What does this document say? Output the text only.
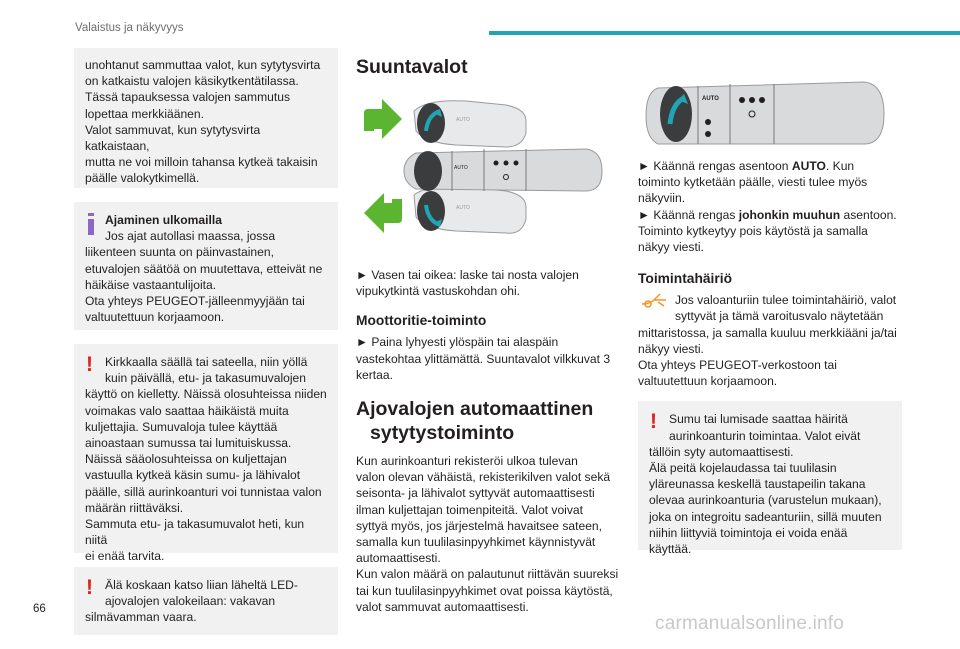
Valaistus ja näkyvyys

unohtanut sammuttaa valot, kun sytytysvirta

on katkaistu valojen käsikytkentätilassa.

Tässä tapauksessa valojen sammutus

lopettaa merkkiäänen.

Valot sammuvat, kun sytytysvirta katkaistaan,

mutta ne voi milloin tahansa kytkeä takaisin

päälle valokytkimellä.

Ajaminen ulkomailla

Jos ajat autollasi maassa, jossa

liikenteen suunta on päinvastainen,

etuvalojen säätöä on muutettava, etteivät ne

häikäise vastaantulijoita.

Ota yhteys PEUGEOT-jälleenmyyjään tai

valtuutettuun korjaamoon.

! Kirkkaalla säällä tai sateella, niin yöllä

kuin päivällä, etu- ja takasumuvalojen

käyttö on kielletty. Näissä olosuhteissa niiden

voimakas valo saattaa häikäistä muita

kuljettajia. Sumuvaloja tulee käyttää

ainoastaan sumussa tai lumituiskussa.

Näissä sääolosuhteissa on kuljettajan

vastuulla kytkeä käsin sumu- ja lähivalot

päälle, sillä aurinkoanturi voi tunnistaa valon

määrän riittäväksi.

Sammuta etu- ja takasumuvalot heti, kun niitä

ei enää tarvita.

! Älä koskaan katso liian läheltä LED-

ajovalojen valokeilaan: vakavan

silmävamman vaara.

Suuntavalot
AUTO
AUTO
AUTO

► Vasen tai oikea: laske tai nosta valojen

vipukytkintä vastuskohdan ohi.

Moottoritie-toiminto

► Paina lyhyesti ylöspäin tai alaspäin

vastekohtaa ylittämättä. Suuntavalot vilkkuvat 3

kertaa.

Ajovalojen automaattinen
sytytystoiminto

Kun aurinkoanturi rekisteröi ulkoa tulevan

valon olevan vähäistä, rekisterikilven valot sekä

seisonta- ja lähivalot syttyvät automaattisesti

ilman kuljettajan toimenpiteitä. Valot voivat

syttyä myös, jos järjestelmä havaitsee sateen,

samalla kun tuulilasinpyyhkimet käynnistyvät

automaattisesti.

Kun valon määrä on palautunut riittävän suureksi

tai kun tuulilasinpyyhkimet ovat poissa käytöstä,

valot sammuvat automaattisesti.

AUTO

► Käännä rengas asentoon AUTO. Kun

toiminto kytketään päälle, viesti tulee myös

näkyviin.

► Käännä rengas johonkin muuhun asentoon.

Toiminto kytkeytyy pois käytöstä ja samalla

näkyy viesti.

Toimintahäiriö

Jos valoanturiin tulee toimintahäiriö, valot

syttyvät ja tämä varoitusvalo näytetään

mittaristossa, ja samalla kuuluu merkkiääni ja/tai

näkyy viesti.

Ota yhteys PEUGEOT-verkostoon tai

valtuutettuun korjaamoon.

! Sumu tai lumisade saattaa häiritä

aurinkoanturin toimintaa. Valot eivät

tällöin syty automaattisesti.

Älä peitä kojelaudassa tai tuulilasin

yläreunassa keskellä taustapeilin takana

olevaa aurinkoanturia (varustelun mukaan),

joka on integroitu sadeanturiin, sillä muuten

niihin liittyviä toimintoja ei voida enää käyttää.

66
carmanualsonline.info
